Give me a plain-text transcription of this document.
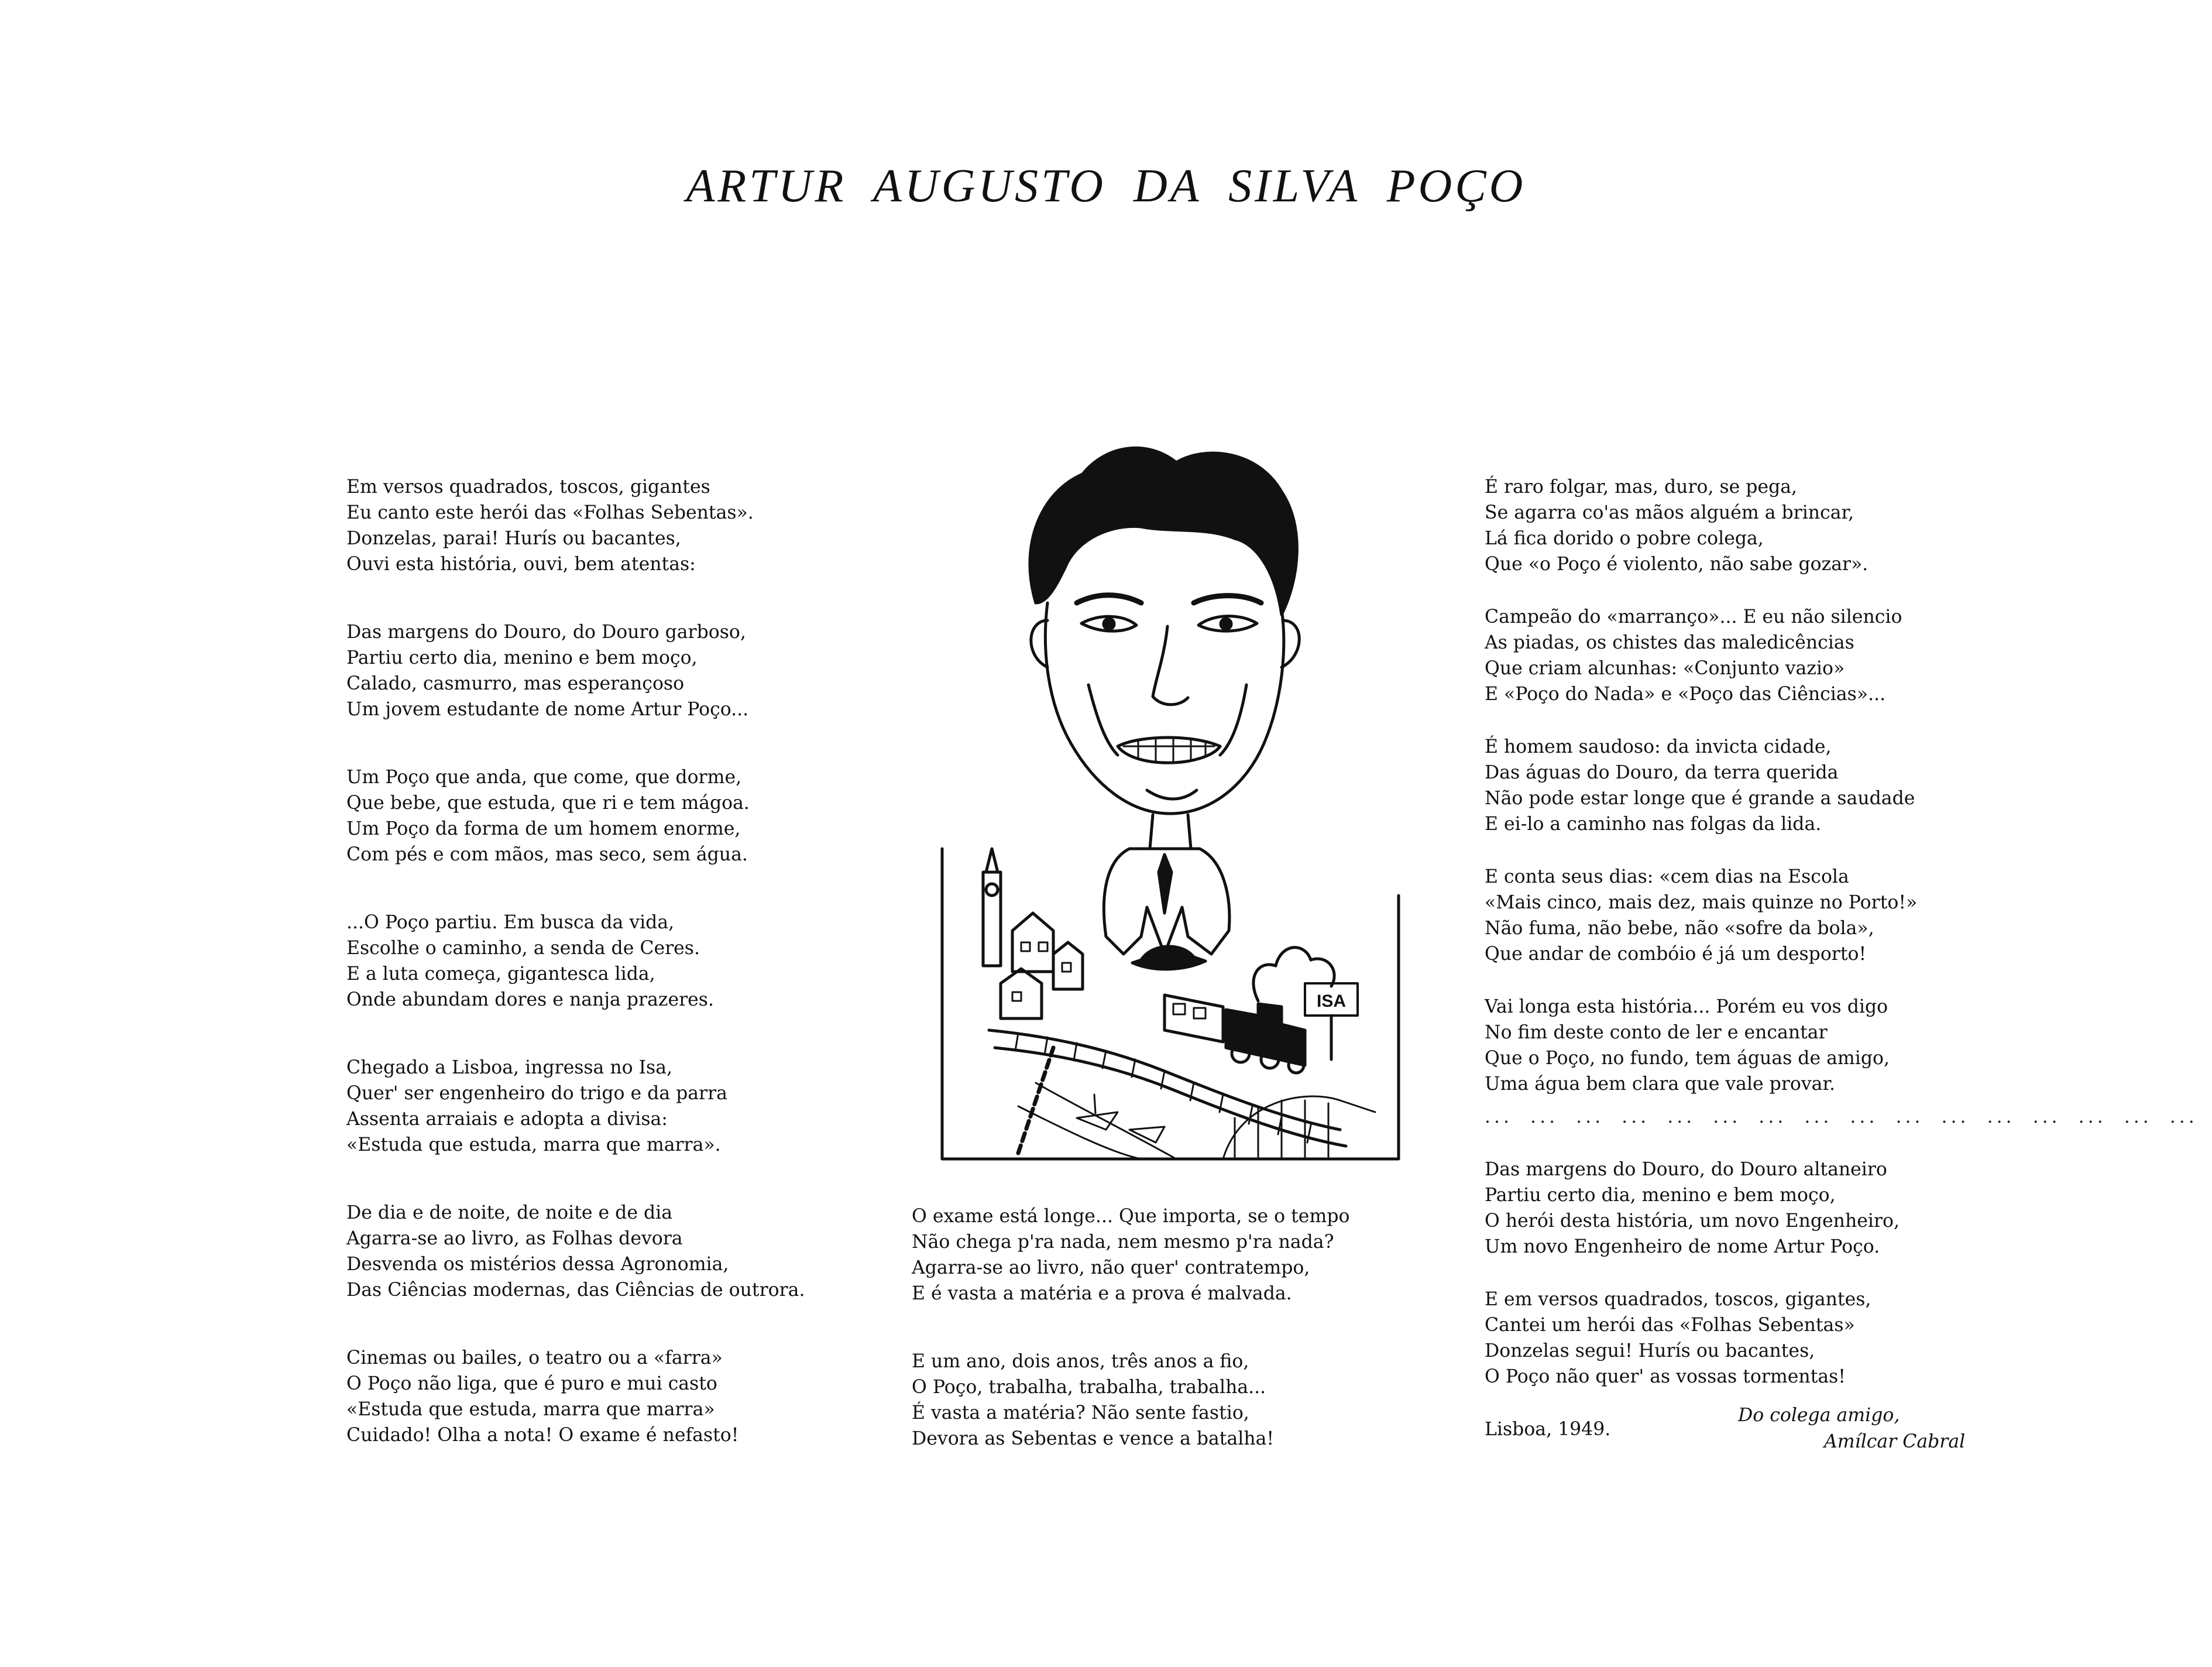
ARTUR AUGUSTO DA SILVA POÇO

Em versos quadrados, toscos, gigantes
Eu canto este herói das «Folhas Sebentas».
Donzelas, parai! Hurís ou bacantes,
Ouvi esta história, ouvi, bem atentas:

Das margens do Douro, do Douro garboso,
Partiu certo dia, menino e bem moço,
Calado, casmurro, mas esperançoso
Um jovem estudante de nome Artur Poço...

Um Poço que anda, que come, que dorme,
Que bebe, que estuda, que ri e tem mágoa.
Um Poço da forma de um homem enorme,
Com pés e com mãos, mas seco, sem água.

...O Poço partiu. Em busca da vida,
Escolhe o caminho, a senda de Ceres.
E a luta começa, gigantesca lida,
Onde abundam dores e nanja prazeres.

Chegado a Lisboa, ingressa no Isa,
Quer' ser engenheiro do trigo e da parra
Assenta arraiais e adopta a divisa:
«Estuda que estuda, marra que marra».

De dia e de noite, de noite e de dia
Agarra-se ao livro, as Folhas devora
Desvenda os mistérios dessa Agronomia,
Das Ciências modernas, das Ciências de outrora.

Cinemas ou bailes, o teatro ou a «farra»
O Poço não liga, que é puro e mui casto
«Estuda que estuda, marra que marra»
Cuidado! Olha a nota! O exame é nefasto!

ISA

O exame está longe... Que importa, se o tempo
Não chega p'ra nada, nem mesmo p'ra nada?
Agarra-se ao livro, não quer' contratempo,
E é vasta a matéria e a prova é malvada.

E um ano, dois anos, três anos a fio,
O Poço, trabalha, trabalha, trabalha...
É vasta a matéria? Não sente fastio,
Devora as Sebentas e vence a batalha!

É raro folgar, mas, duro, se pega,
Se agarra co'as mãos alguém a brincar,
Lá fica dorido o pobre colega,
Que «o Poço é violento, não sabe gozar».

Campeão do «marranço»... E eu não silencio
As piadas, os chistes das maledicências
Que criam alcunhas: «Conjunto vazio»
E «Poço do Nada» e «Poço das Ciências»...

É homem saudoso: da invicta cidade,
Das águas do Douro, da terra querida
Não pode estar longe que é grande a saudade
E ei-lo a caminho nas folgas da lida.

E conta seus dias: «cem dias na Escola
«Mais cinco, mais dez, mais quinze no Porto!»
Não fuma, não bebe, não «sofre da bola»,
Que andar de combóio é já um desporto!

Vai longa esta história... Porém eu vos digo
No fim deste conto de ler e encantar
Que o Poço, no fundo, tem águas de amigo,
Uma água bem clara que vale provar.

... ... ... ... ... ... ... ... ... ... ... ... ... ... ... ...

Das margens do Douro, do Douro altaneiro
Partiu certo dia, menino e bem moço,
O herói desta história, um novo Engenheiro,
Um novo Engenheiro de nome Artur Poço.

E em versos quadrados, toscos, gigantes,
Cantei um herói das «Folhas Sebentas»
Donzelas segui! Hurís ou bacantes,
O Poço não quer' as vossas tormentas!

Lisboa, 1949.
Do colega amigo,
Amílcar Cabral
